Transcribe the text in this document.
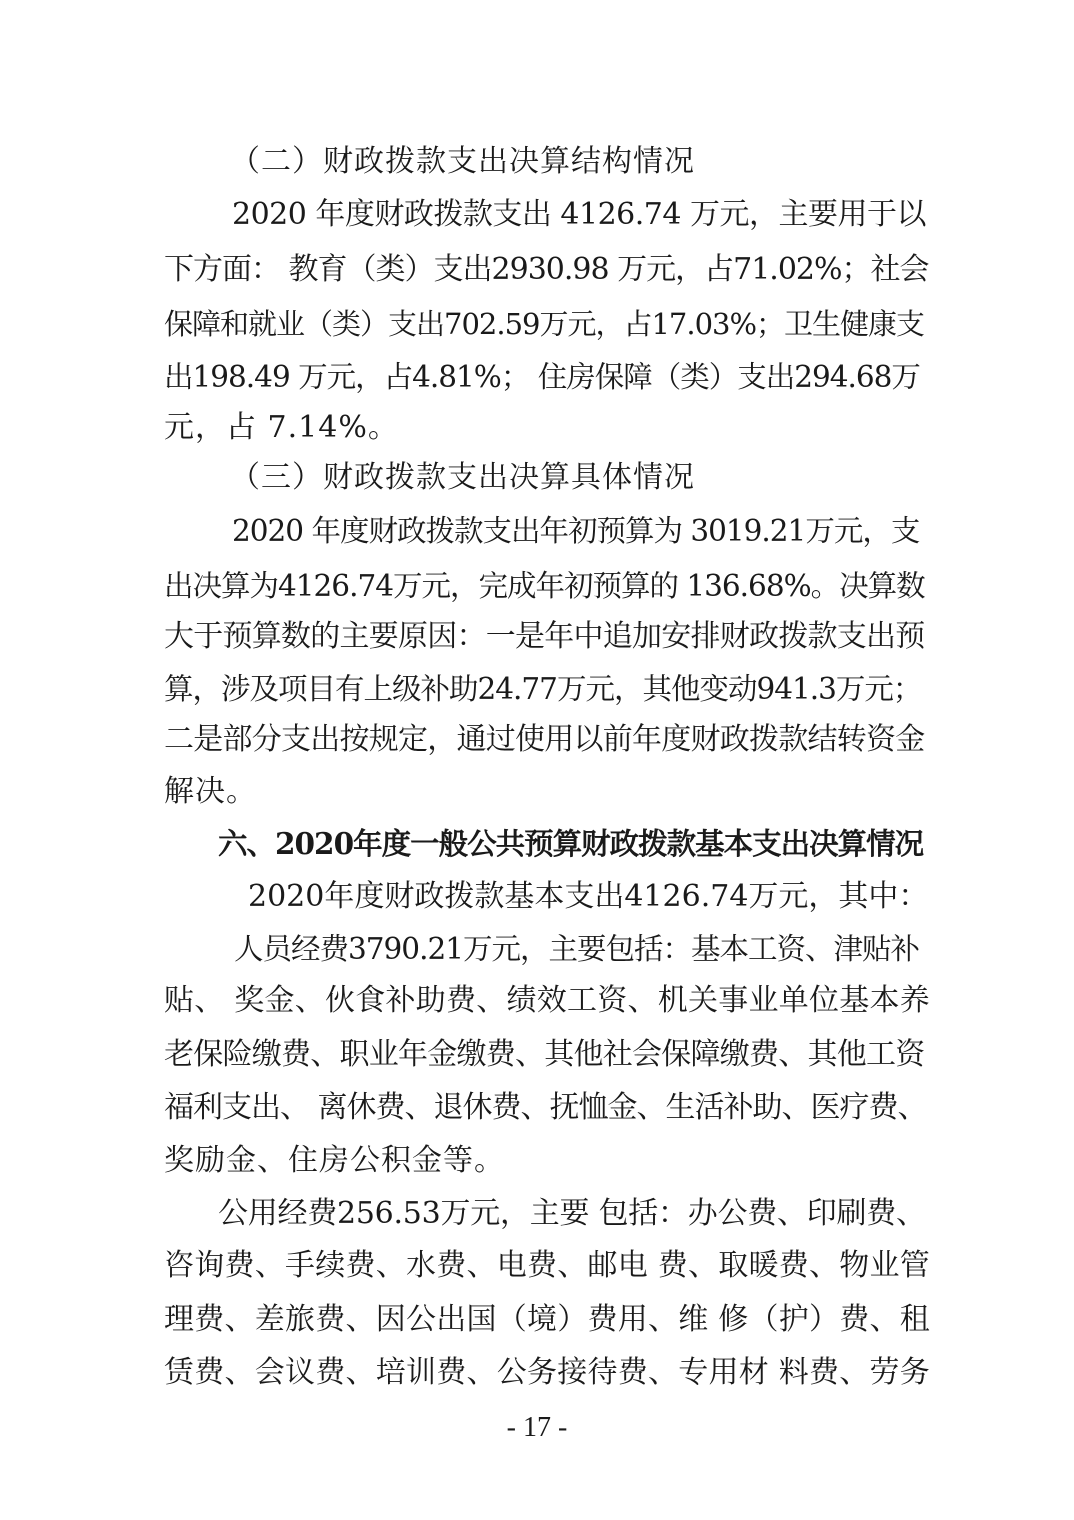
（二）财政拨款支出决算结构情况
2020 年度财政拨款支出 4126.74 万元，主要用于以
下方面： 教育（类）支出2930.98 万元，占71.02%；社会
保障和就业（类）支出702.59万元，占17.03%；卫生健康支
出198.49 万元，占4.81%； 住房保障（类）支出294.68万
元，占 7.14%。
（三）财政拨款支出决算具体情况
2020 年度财政拨款支出年初预算为 3019.21万元，支
出决算为4126.74万元，完成年初预算的 136.68%。决算数
大于预算数的主要原因：一是年中追加安排财政拨款支出预
算，涉及项目有上级补助24.77万元，其他变动941.3万元；
二是部分支出按规定，通过使用以前年度财政拨款结转资金
解决。
六、2020年度一般公共预算财政拨款基本支出决算情况
2020年度财政拨款基本支出4126.74万元，其中：
人员经费3790.21万元，主要包括：基本工资、津贴补
贴、 奖金、伙食补助费、绩效工资、机关事业单位基本养
老保险缴费、职业年金缴费、其他社会保障缴费、其他工资
福利支出、 离休费、退休费、抚恤金、生活补助、医疗费、
奖励金、住房公积金等。
公用经费256.53万元，主要 包括：办公费、印刷费、
咨询费、手续费、水费、电费、邮电 费、取暖费、物业管
理费、差旅费、因公出国（境）费用、维 修（护）费、租
赁费、会议费、培训费、公务接待费、专用材 料费、劳务
- 17 -
